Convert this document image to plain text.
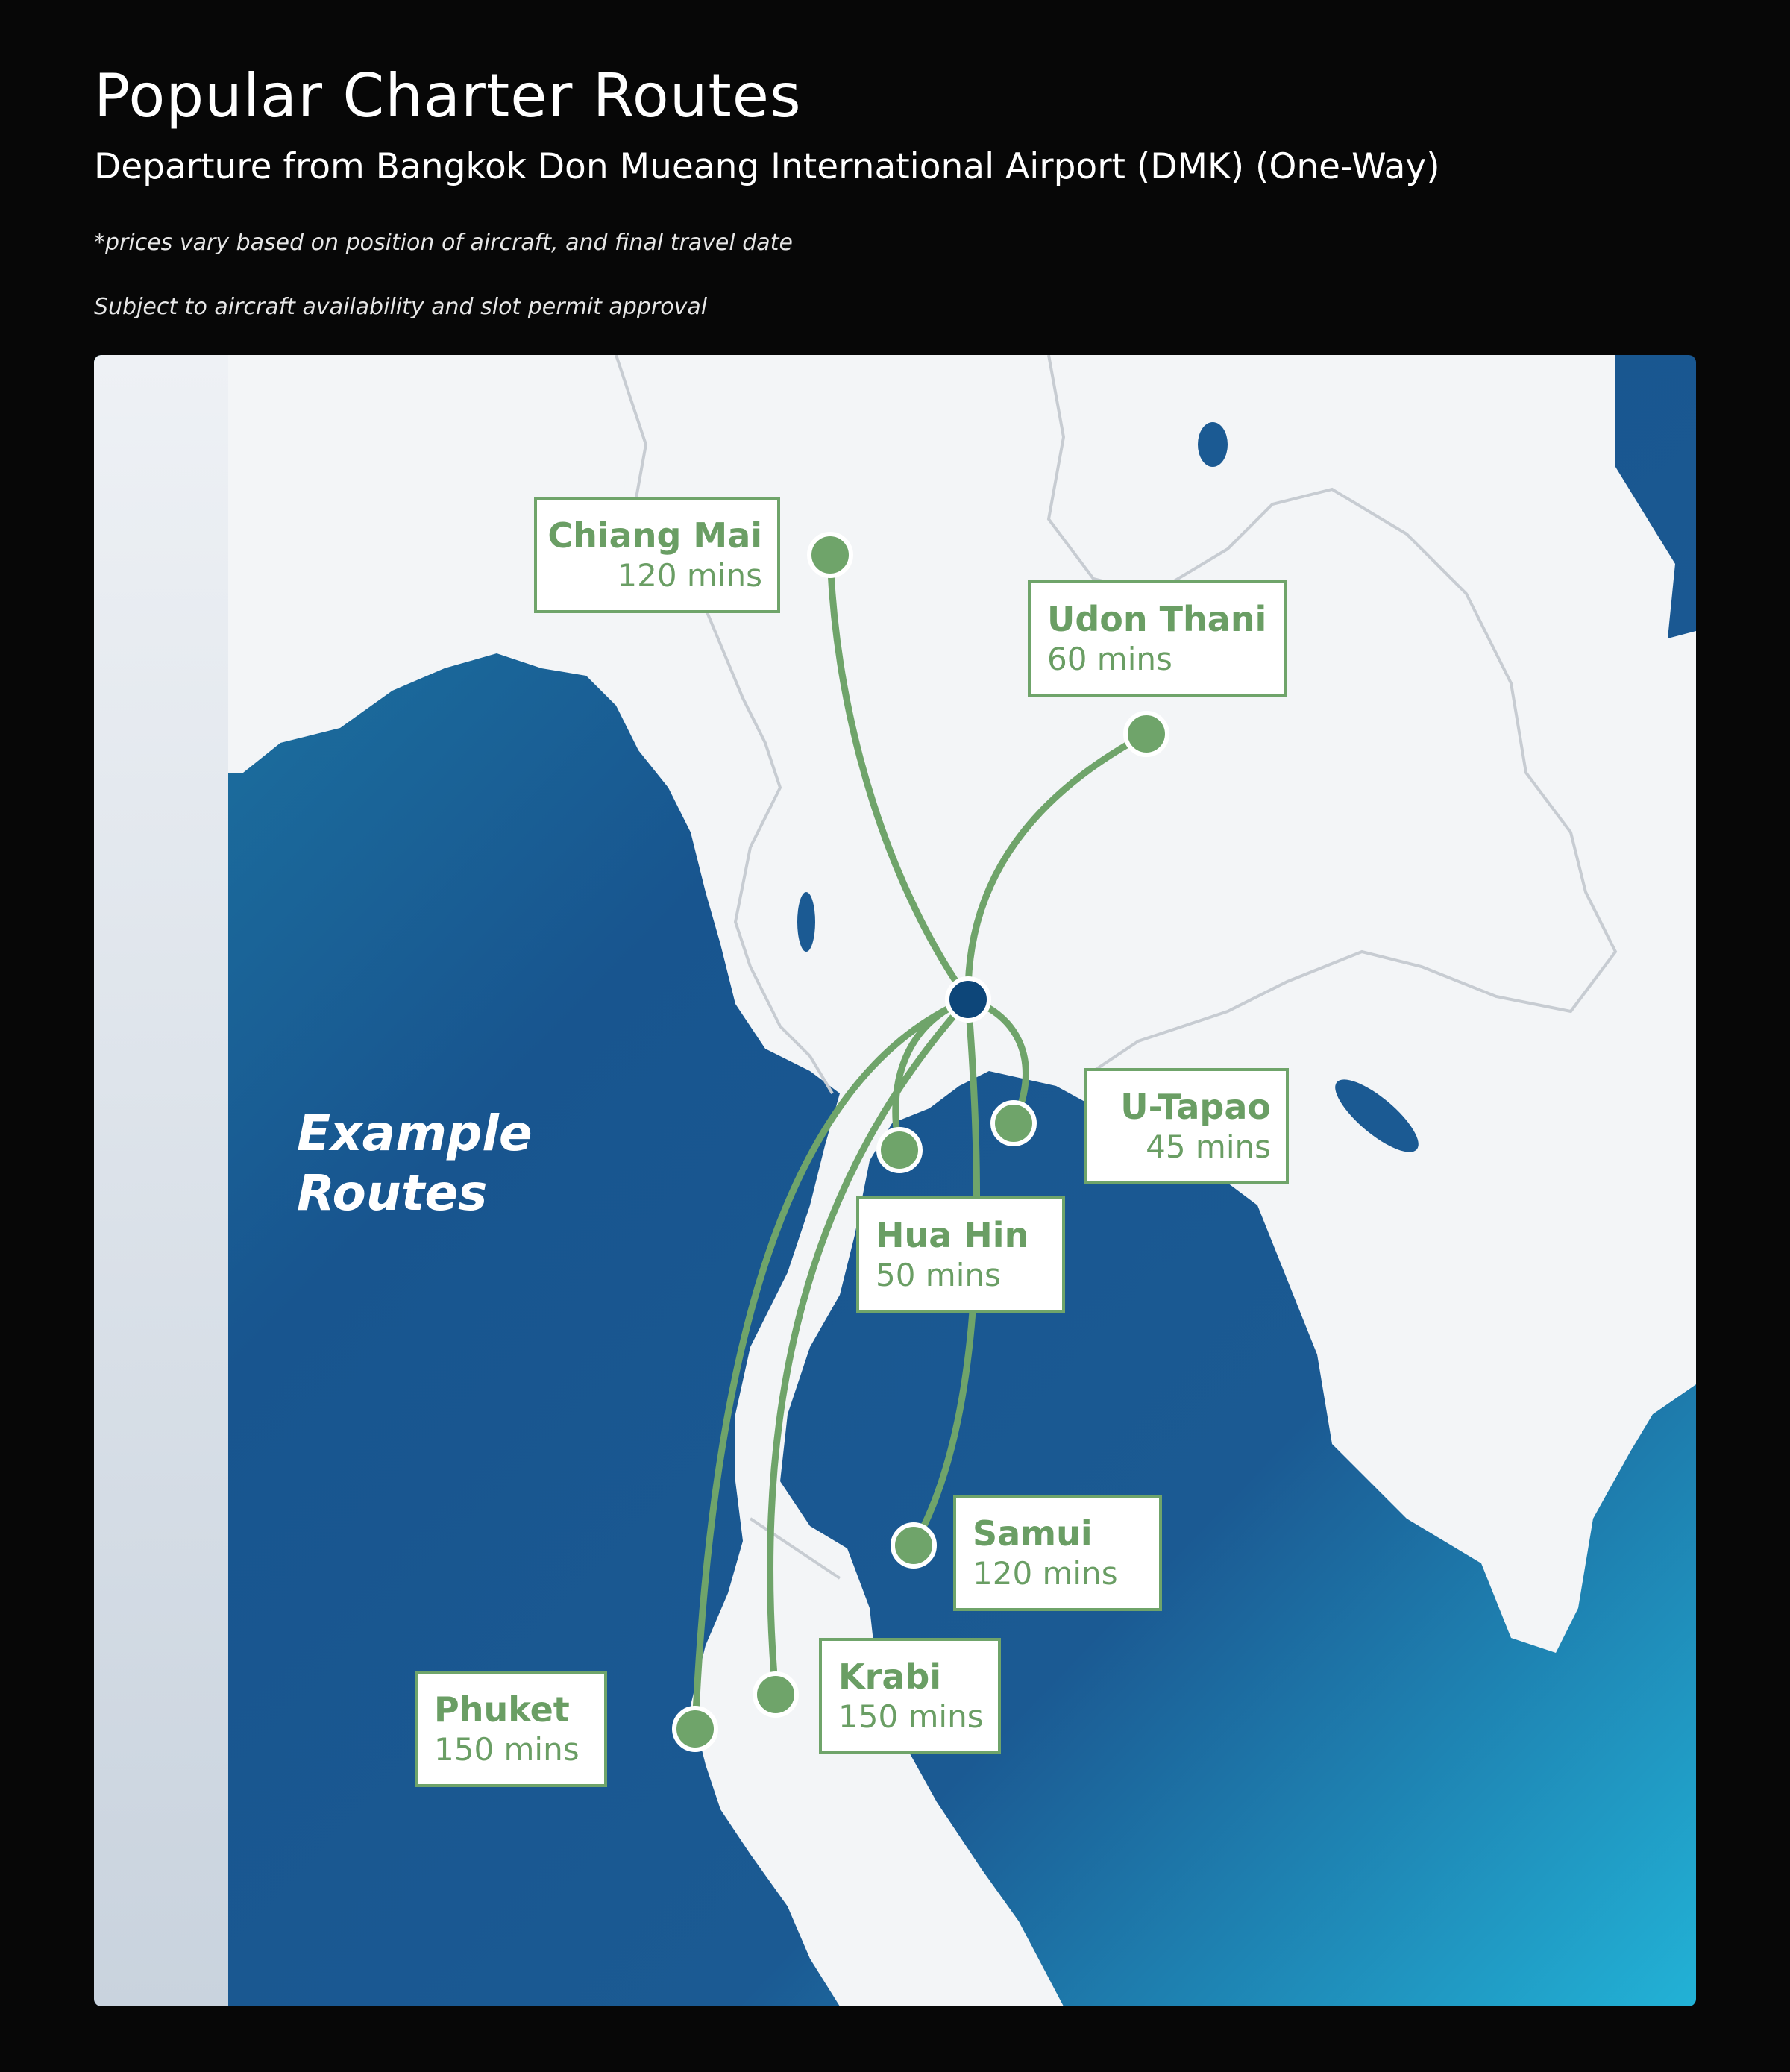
Popular Charter Routes
Departure from Bangkok Don Mueang International Airport (DMK) (One-Way)
*prices vary based on position of aircraft, and final travel date
Subject to aircraft availability and slot permit approval
Chiang Mai
120 mins
Udon Thani
60 mins
U-Tapao
45 mins
Hua Hin
50 mins
Samui
120 mins
Krabi
150 mins
Phuket
150 mins
Example
Routes
